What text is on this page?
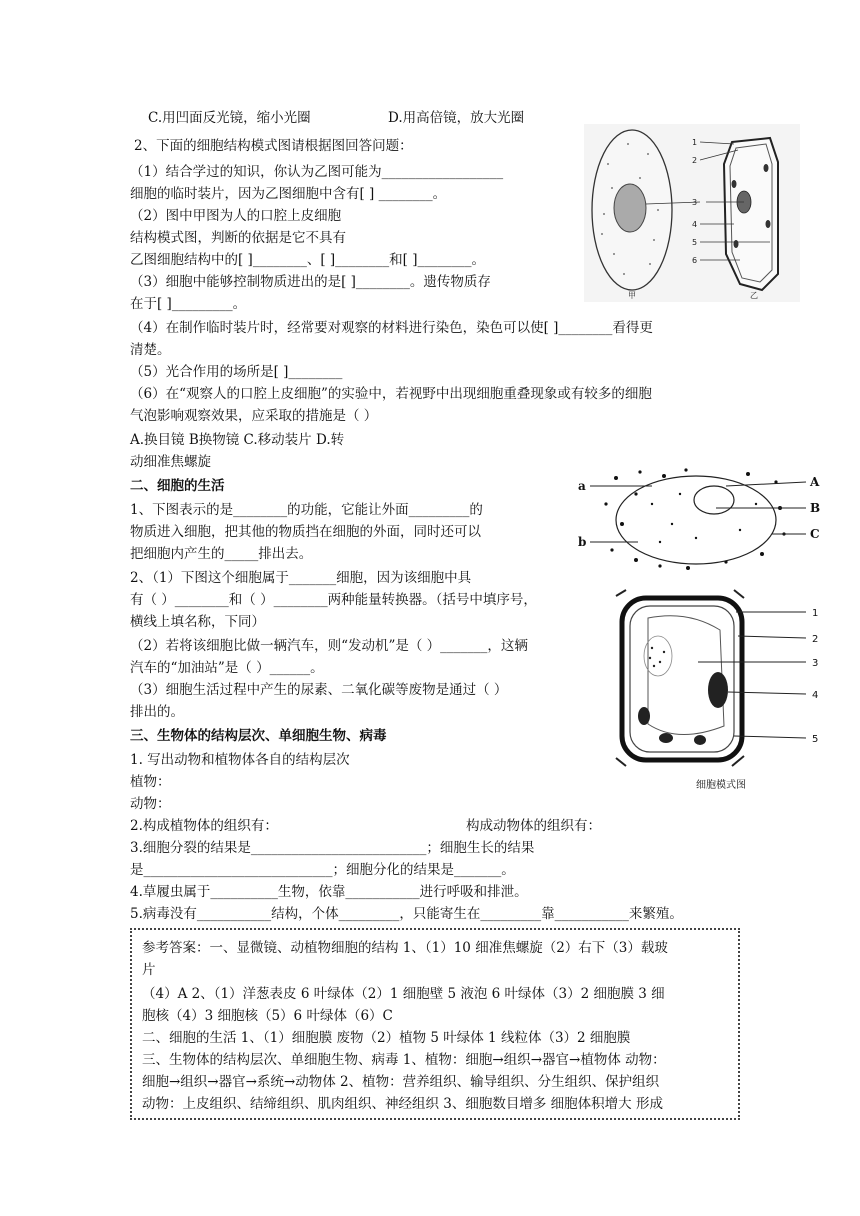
C.用凹面反光镜，缩小光圈	D.用高倍镜，放大光圈
2、下面的细胞结构模式图请根据图回答问题：
（1）结合学过的知识，你认为乙图可能为__________________
细胞的临时装片，因为乙图细胞中含有[ ] ________。
（2）图中甲图为人的口腔上皮细胞
结构模式图，判断的依据是它不具有
乙图细胞结构中的[ ]________、[ ]________和[ ]________。
（3）细胞中能够控制物质进出的是[ ]________。遗传物质存
在于[ ]_________。
（4）在制作临时装片时，经常要对观察的材料进行染色，染色可以使[ ]________看得更
清楚。
（5）光合作用的场所是[ ]________
（6）在“观察人的口腔上皮细胞”的实验中，若视野中出现细胞重叠现象或有较多的细胞
气泡影响观察效果，应采取的措施是（ ）
A.换目镜 B换物镜 C.移动装片 D.转
动细准焦螺旋
二、细胞的生活
1、下图表示的是________的功能，它能让外面_________的
物质进入细胞，把其他的物质挡在细胞的外面，同时还可以
把细胞内产生的_____排出去。
2、（1）下图这个细胞属于_______细胞，因为该细胞中具
有（ ）________和（ ）________两种能量转换器。（括号中填序号，
横线上填名称，下同）
（2）若将该细胞比做一辆汽车，则“发动机”是（ ）_______，这辆
汽车的“加油站”是（ ）______。
（3）细胞生活过程中产生的尿素、二氧化碳等废物是通过（ ）
排出的。
三、生物体的结构层次、单细胞生物、病毒
1. 写出动物和植物体各自的结构层次
植物：
动物：
2.构成植物体的组织有：	构成动物体的组织有：
3.细胞分裂的结果是__________________________；细胞生长的结果
是____________________________；细胞分化的结果是_______。
4.草履虫属于__________生物，依靠___________进行呼吸和排泄。
5.病毒没有___________结构，个体_________，只能寄生在_________靠___________来繁殖。
参考答案：一、显微镜、动植物细胞的结构 1、（1）10 细准焦螺旋（2）右下（3）载玻
片
（4）A 2、（1）洋葱表皮 6 叶绿体（2）1 细胞壁 5 液泡 6 叶绿体（3）2 细胞膜 3 细
胞核（4）3 细胞核（5）6 叶绿体（6）C
二、细胞的生活 1、（1）细胞膜 废物（2）植物 5 叶绿体 1 线粒体（3）2 细胞膜
三、生物体的结构层次、单细胞生物、病毒 1、植物：细胞→组织→器官→植物体 动物：
细胞→组织→器官→系统→动物体 2、植物：营养组织、输导组织、分生组织、保护组织
动物：上皮组织、结缔组织、肌肉组织、神经组织 3、细胞数目增多 细胞体积增大 形成
1
2
3
4
5
6
甲	乙
a
b
A
B
C
1
2
3
4
5
细胞模式图
